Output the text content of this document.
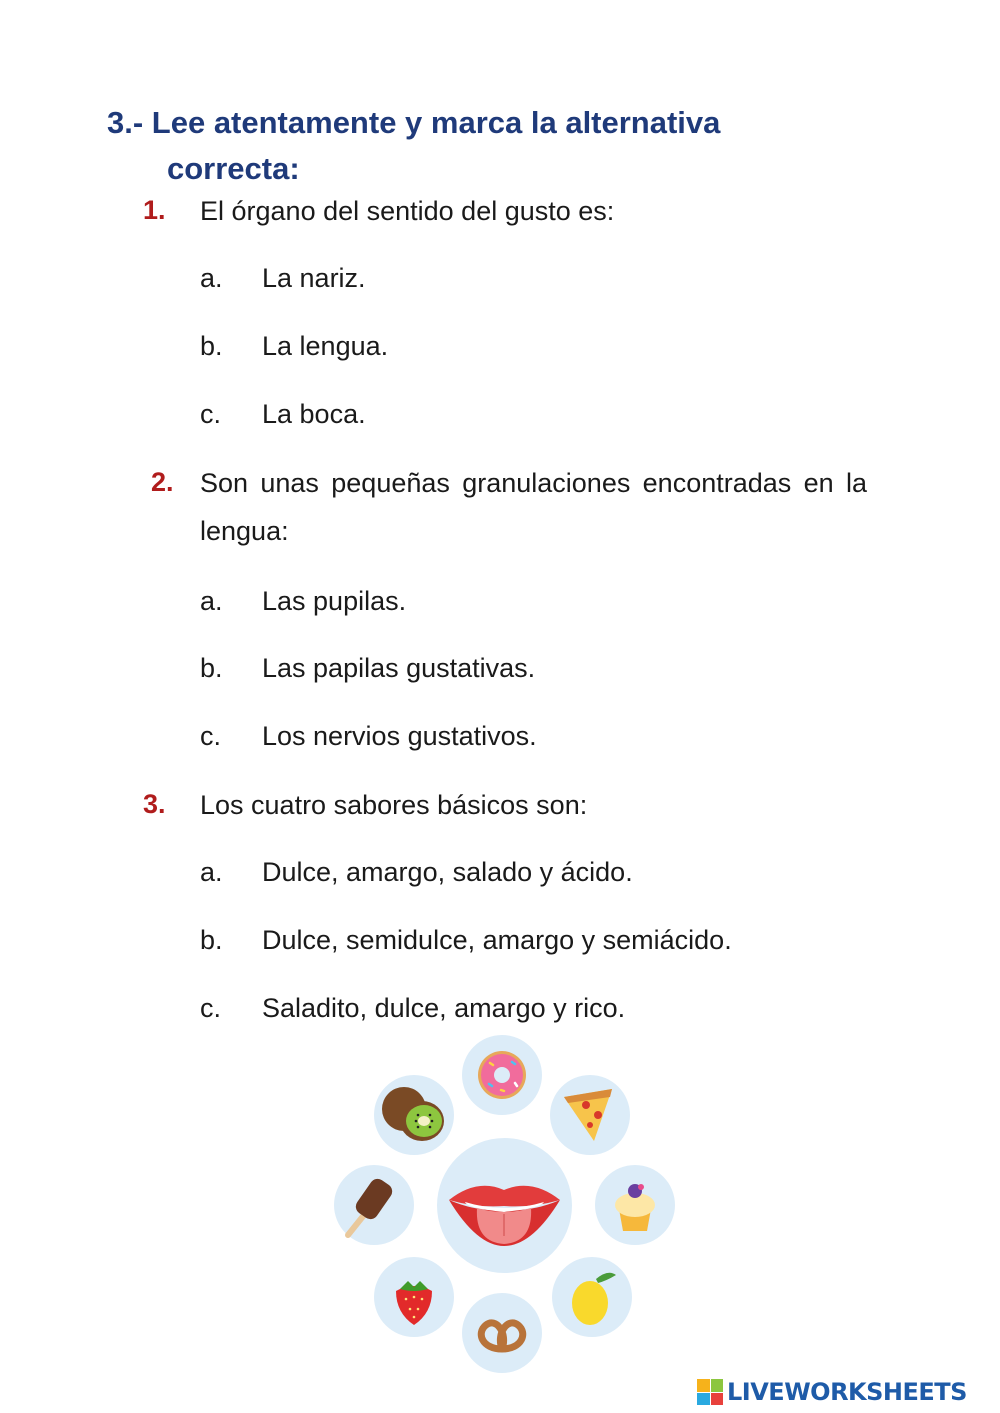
3.- Lee atentamente y marca la alternativa
correcta:
1. El órgano del sentido del gusto es:
a. La nariz.
b. La lengua.
c. La boca.
2. Son unas pequeñas granulaciones encontradas en la lengua:
a. Las pupilas.
b. Las papilas gustativas.
c. Los nervios gustativos.
3. Los cuatro sabores básicos son:
a. Dulce, amargo, salado y ácido.
b. Dulce, semidulce, amargo y semiácido.
c. Saladito, dulce, amargo y rico.
LIVEWORKSHEETS
